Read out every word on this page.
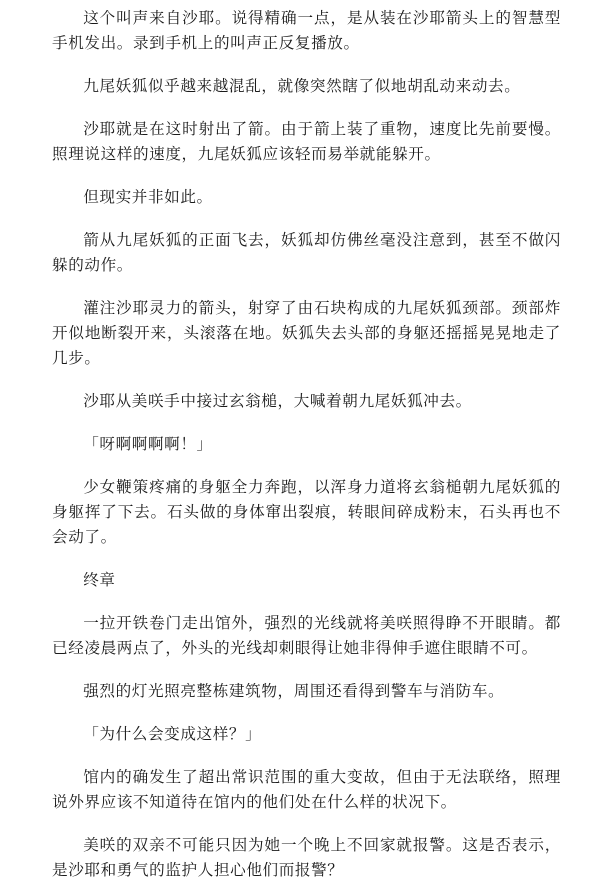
这个叫声来自沙耶。说得精确一点，是从装在沙耶箭头上的智慧型手机发出。录到手机上的叫声正反复播放。

九尾妖狐似乎越来越混乱，就像突然瞎了似地胡乱动来动去。

沙耶就是在这时射出了箭。由于箭上装了重物，速度比先前要慢。照理说这样的速度，九尾妖狐应该轻而易举就能躲开。

但现实并非如此。

箭从九尾妖狐的正面飞去，妖狐却仿佛丝毫没注意到，甚至不做闪躲的动作。

灌注沙耶灵力的箭头，射穿了由石块构成的九尾妖狐颈部。颈部炸开似地断裂开来，头滚落在地。妖狐失去头部的身躯还摇摇晃晃地走了几步。

沙耶从美咲手中接过玄翁槌，大喊着朝九尾妖狐冲去。

「呀啊啊啊啊！」

少女鞭策疼痛的身躯全力奔跑，以浑身力道将玄翁槌朝九尾妖狐的身躯挥了下去。石头做的身体窜出裂痕，转眼间碎成粉末，石头再也不会动了。

终章

一拉开铁卷门走出馆外，强烈的光线就将美咲照得睁不开眼睛。都已经凌晨两点了，外头的光线却刺眼得让她非得伸手遮住眼睛不可。

强烈的灯光照亮整栋建筑物，周围还看得到警车与消防车。

「为什么会变成这样？」

馆内的确发生了超出常识范围的重大变故，但由于无法联络，照理说外界应该不知道待在馆内的他们处在什么样的状况下。

美咲的双亲不可能只因为她一个晚上不回家就报警。这是否表示，是沙耶和勇气的监护人担心他们而报警？
